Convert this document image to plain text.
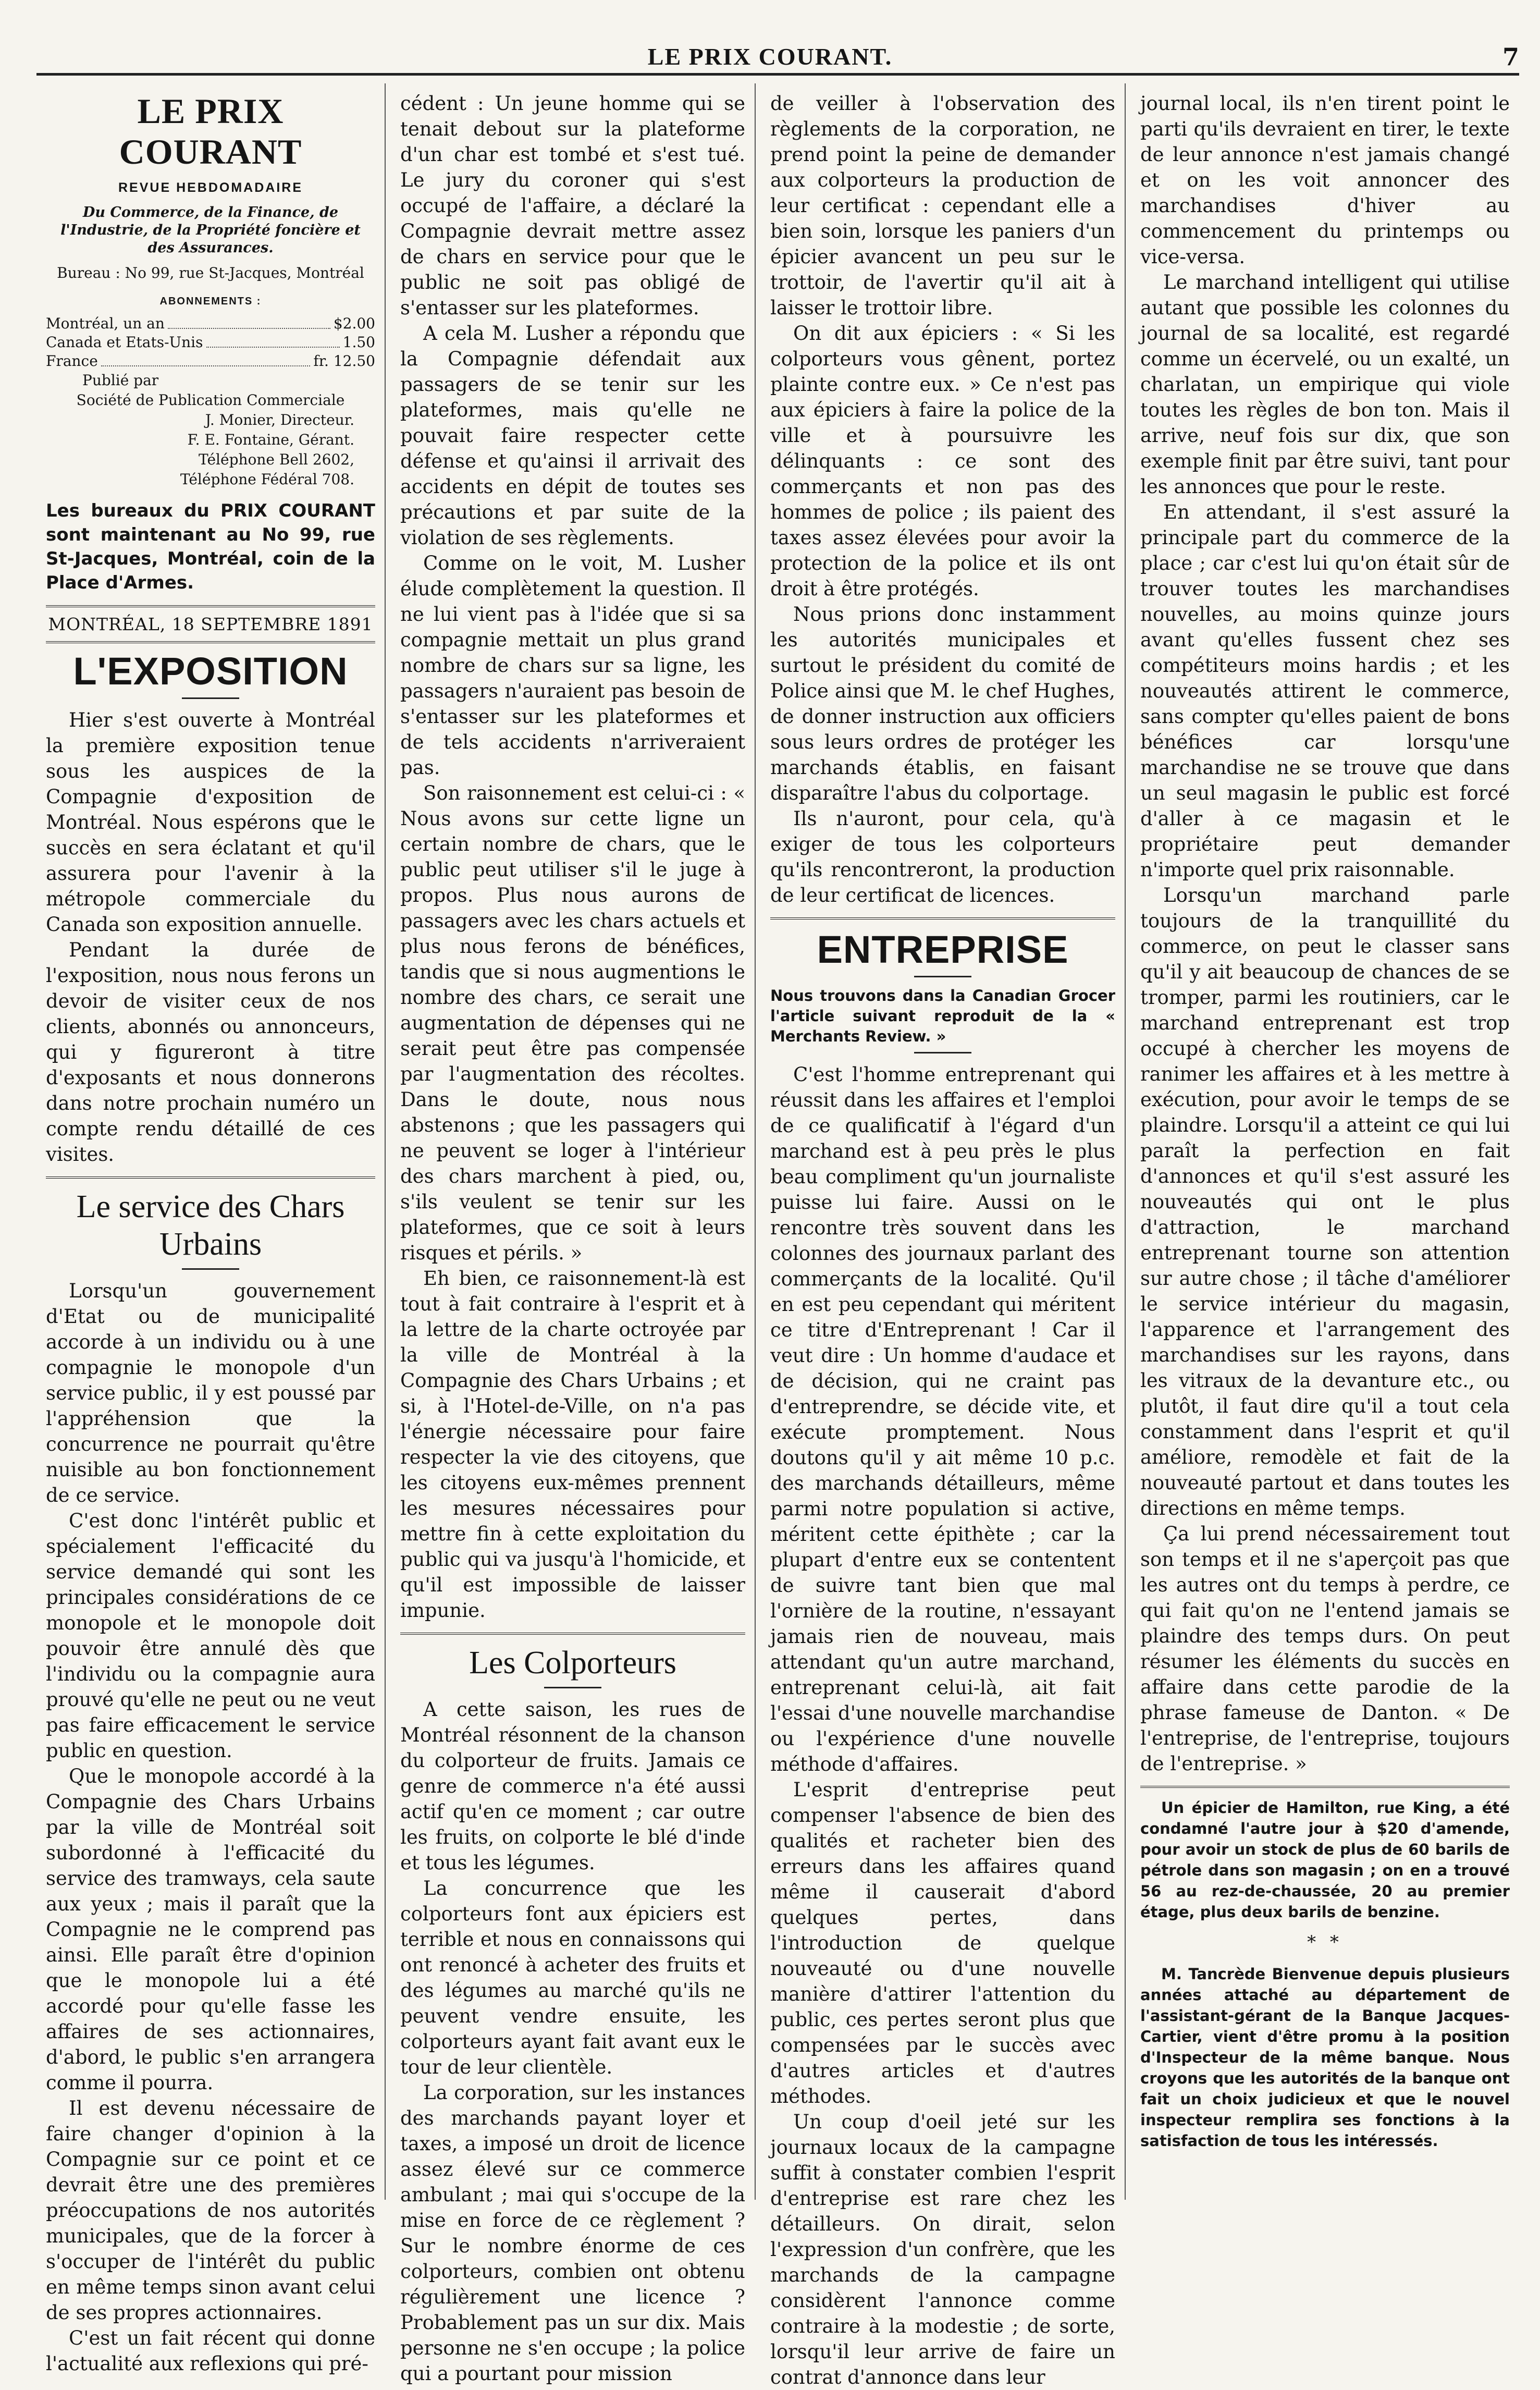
LE PRIX COURANT.	7
LE PRIX COURANT
REVUE HEBDOMADAIRE
Du Commerce, de la Finance, de l'Industrie, de la Propriété foncière et des Assurances.
Bureau : No 99, rue St-Jacques, Montréal
ABONNEMENTS :
Montréal, un an	$2.00
Canada et Etats-Unis	1.50
France	fr. 12.50
Publié par
Société de Publication Commerciale
J. Monier, Directeur.
F. E. Fontaine, Gérant.
Téléphone Bell 2602,
Téléphone Fédéral 708.
Les bureaux du PRIX COURANT sont maintenant au No 99, rue St-Jacques, Montréal, coin de la Place d'Armes.
MONTRÉAL, 18 SEPTEMBRE 1891
L'EXPOSITION

Hier s'est ouverte à Montréal la première exposition tenue sous les auspices de la Compagnie d'exposition de Montréal. Nous espérons que le succès en sera éclatant et qu'il assurera pour l'avenir à la métropole commerciale du Canada son exposition annuelle.

Pendant la durée de l'exposition, nous nous ferons un devoir de visiter ceux de nos clients, abonnés ou annonceurs, qui y figureront à titre d'exposants et nous donnerons dans notre prochain numéro un compte rendu détaillé de ces visites.

Le service des Chars Urbains

Lorsqu'un gouvernement d'Etat ou de municipalité accorde à un individu ou à une compagnie le monopole d'un service public, il y est poussé par l'appréhension que la concurrence ne pourrait qu'être nuisible au bon fonctionnement de ce service.

C'est donc l'intérêt public et spécialement l'efficacité du service demandé qui sont les principales considérations de ce monopole et le monopole doit pouvoir être annulé dès que l'individu ou la compagnie aura prouvé qu'elle ne peut ou ne veut pas faire efficacement le service public en question.

Que le monopole accordé à la Compagnie des Chars Urbains par la ville de Montréal soit subordonné à l'efficacité du service des tramways, cela saute aux yeux ; mais il paraît que la Compagnie ne le comprend pas ainsi. Elle paraît être d'opinion que le monopole lui a été accordé pour qu'elle fasse les affaires de ses actionnaires, d'abord, le public s'en arrangera comme il pourra.

Il est devenu nécessaire de faire changer d'opinion à la Compagnie sur ce point et ce devrait être une des premières préoccupations de nos autorités municipales, que de la forcer à s'occuper de l'intérêt du public en même temps sinon avant celui de ses propres actionnaires.

C'est un fait récent qui donne l'actualité aux reflexions qui pré-

cédent : Un jeune homme qui se tenait debout sur la plateforme d'un char est tombé et s'est tué. Le jury du coroner qui s'est occupé de l'affaire, a déclaré la Compagnie devrait mettre assez de chars en service pour que le public ne soit pas obligé de s'entasser sur les plateformes.

A cela M. Lusher a répondu que la Compagnie défendait aux passagers de se tenir sur les plateformes, mais qu'elle ne pouvait faire respecter cette défense et qu'ainsi il arrivait des accidents en dépit de toutes ses précautions et par suite de la violation de ses règlements.

Comme on le voit, M. Lusher élude complètement la question. Il ne lui vient pas à l'idée que si sa compagnie mettait un plus grand nombre de chars sur sa ligne, les passagers n'auraient pas besoin de s'entasser sur les plateformes et de tels accidents n'arriveraient pas.

Son raisonnement est celui-ci : « Nous avons sur cette ligne un certain nombre de chars, que le public peut utiliser s'il le juge à propos. Plus nous aurons de passagers avec les chars actuels et plus nous ferons de bénéfices, tandis que si nous augmentions le nombre des chars, ce serait une augmentation de dépenses qui ne serait peut être pas compensée par l'augmentation des récoltes. Dans le doute, nous nous abstenons ; que les passagers qui ne peuvent se loger à l'intérieur des chars marchent à pied, ou, s'ils veulent se tenir sur les plateformes, que ce soit à leurs risques et périls. »

Eh bien, ce raisonnement-là est tout à fait contraire à l'esprit et à la lettre de la charte octroyée par la ville de Montréal à la Compagnie des Chars Urbains ; et si, à l'Hotel-de-Ville, on n'a pas l'énergie nécessaire pour faire respecter la vie des citoyens, que les citoyens eux-mêmes prennent les mesures nécessaires pour mettre fin à cette exploitation du public qui va jusqu'à l'homicide, et qu'il est impossible de laisser impunie.

Les Colporteurs

A cette saison, les rues de Montréal résonnent de la chanson du colporteur de fruits. Jamais ce genre de commerce n'a été aussi actif qu'en ce moment ; car outre les fruits, on colporte le blé d'inde et tous les légumes.

La concurrence que les colporteurs font aux épiciers est terrible et nous en connaissons qui ont renoncé à acheter des fruits et des légumes au marché qu'ils ne peuvent vendre ensuite, les colporteurs ayant fait avant eux le tour de leur clientèle.

La corporation, sur les instances des marchands payant loyer et taxes, a imposé un droit de licence assez élevé sur ce commerce ambulant ; mai qui s'occupe de la mise en force de ce règlement ? Sur le nombre énorme de ces colporteurs, combien ont obtenu régulièrement une licence ? Probablement pas un sur dix. Mais personne ne s'en occupe ; la police qui a pourtant pour mission

de veiller à l'observation des règlements de la corporation, ne prend point la peine de demander aux colporteurs la production de leur certificat : cependant elle a bien soin, lorsque les paniers d'un épicier avancent un peu sur le trottoir, de l'avertir qu'il ait à laisser le trottoir libre.

On dit aux épiciers : « Si les colporteurs vous gênent, portez plainte contre eux. » Ce n'est pas aux épiciers à faire la police de la ville et à poursuivre les délinquants : ce sont des commerçants et non pas des hommes de police ; ils paient des taxes assez élevées pour avoir la protection de la police et ils ont droit à être protégés.

Nous prions donc instamment les autorités municipales et surtout le président du comité de Police ainsi que M. le chef Hughes, de donner instruction aux officiers sous leurs ordres de protéger les marchands établis, en faisant disparaître l'abus du colportage.

Ils n'auront, pour cela, qu'à exiger de tous les colporteurs qu'ils rencontreront, la production de leur certificat de licences.

ENTREPRISE
Nous trouvons dans la Canadian Grocer l'article suivant reproduit de la « Merchants Review. »

C'est l'homme entreprenant qui réussit dans les affaires et l'emploi de ce qualificatif à l'égard d'un marchand est à peu près le plus beau compliment qu'un journaliste puisse lui faire. Aussi on le rencontre très souvent dans les colonnes des journaux parlant des commerçants de la localité. Qu'il en est peu cependant qui méritent ce titre d'Entreprenant ! Car il veut dire : Un homme d'audace et de décision, qui ne craint pas d'entreprendre, se décide vite, et exécute promptement. Nous doutons qu'il y ait même 10 p.c. des marchands détailleurs, même parmi notre population si active, méritent cette épithète ; car la plupart d'entre eux se contentent de suivre tant bien que mal l'ornière de la routine, n'essayant jamais rien de nouveau, mais attendant qu'un autre marchand, entreprenant celui-là, ait fait l'essai d'une nouvelle marchandise ou l'expérience d'une nouvelle méthode d'affaires.

L'esprit d'entreprise peut compenser l'absence de bien des qualités et racheter bien des erreurs dans les affaires quand même il causerait d'abord quelques pertes, dans l'introduction de quelque nouveauté ou d'une nouvelle manière d'attirer l'attention du public, ces pertes seront plus que compensées par le succès avec d'autres articles et d'autres méthodes.

Un coup d'oeil jeté sur les journaux locaux de la campagne suffit à constater combien l'esprit d'entreprise est rare chez les détailleurs. On dirait, selon l'expression d'un confrère, que les marchands de la campagne considèrent l'annonce comme contraire à la modestie ; de sorte, lorsqu'il leur arrive de faire un contrat d'annonce dans leur

journal local, ils n'en tirent point le parti qu'ils devraient en tirer, le texte de leur annonce n'est jamais changé et on les voit annoncer des marchandises d'hiver au commencement du printemps ou vice-versa.

Le marchand intelligent qui utilise autant que possible les colonnes du journal de sa localité, est regardé comme un écervelé, ou un exalté, un charlatan, un empirique qui viole toutes les règles de bon ton. Mais il arrive, neuf fois sur dix, que son exemple finit par être suivi, tant pour les annonces que pour le reste.

En attendant, il s'est assuré la principale part du commerce de la place ; car c'est lui qu'on était sûr de trouver toutes les marchandises nouvelles, au moins quinze jours avant qu'elles fussent chez ses compétiteurs moins hardis ; et les nouveautés attirent le commerce, sans compter qu'elles paient de bons bénéfices car lorsqu'une marchandise ne se trouve que dans un seul magasin le public est forcé d'aller à ce magasin et le propriétaire peut demander n'importe quel prix raisonnable.

Lorsqu'un marchand parle toujours de la tranquillité du commerce, on peut le classer sans qu'il y ait beaucoup de chances de se tromper, parmi les routiniers, car le marchand entreprenant est trop occupé à chercher les moyens de ranimer les affaires et à les mettre à exécution, pour avoir le temps de se plaindre. Lorsqu'il a atteint ce qui lui paraît la perfection en fait d'annonces et qu'il s'est assuré les nouveautés qui ont le plus d'attraction, le marchand entreprenant tourne son attention sur autre chose ; il tâche d'améliorer le service intérieur du magasin, l'apparence et l'arrangement des marchandises sur les rayons, dans les vitraux de la devanture etc., ou plutôt, il faut dire qu'il a tout cela constamment dans l'esprit et qu'il améliore, remodèle et fait de la nouveauté partout et dans toutes les directions en même temps.

Ça lui prend nécessairement tout son temps et il ne s'aperçoit pas que les autres ont du temps à perdre, ce qui fait qu'on ne l'entend jamais se plaindre des temps durs. On peut résumer les éléments du succès en affaire dans cette parodie de la phrase fameuse de Danton. « De l'entreprise, de l'entreprise, toujours de l'entreprise. »

Un épicier de Hamilton, rue King, a été condamné l'autre jour à $20 d'amende, pour avoir un stock de plus de 60 barils de pétrole dans son magasin ; on en a trouvé 56 au rez-de-chaussée, 20 au premier étage, plus deux barils de benzine.

* *

M. Tancrède Bienvenue depuis plusieurs années attaché au département de l'assistant-gérant de la Banque Jacques-Cartier, vient d'être promu à la position d'Inspecteur de la même banque. Nous croyons que les autorités de la banque ont fait un choix judicieux et que le nouvel inspecteur remplira ses fonctions à la satisfaction de tous les intéressés.
